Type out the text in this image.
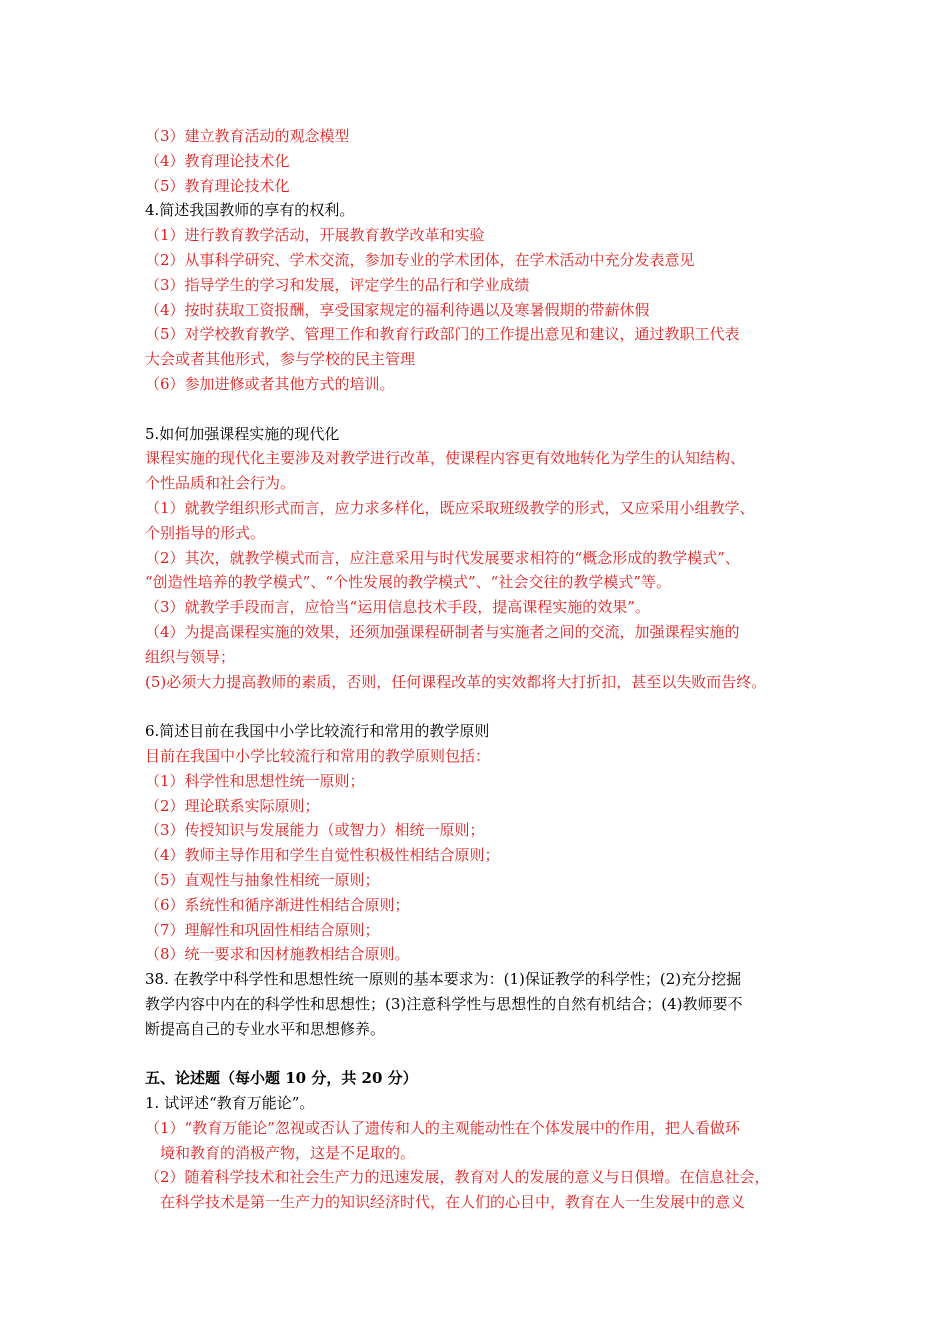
（3）建立教育活动的观念模型
（4）教育理论技术化
（5）教育理论技术化
4.简述我国教师的享有的权利。
（1）进行教育教学活动，开展教育教学改革和实验
（2）从事科学研究、学术交流，参加专业的学术团体，在学术活动中充分发表意见
（3）指导学生的学习和发展，评定学生的品行和学业成绩
（4）按时获取工资报酬，享受国家规定的福利待遇以及寒暑假期的带薪休假
（5）对学校教育教学、管理工作和教育行政部门的工作提出意见和建议，通过教职工代表
大会或者其他形式，参与学校的民主管理
（6）参加进修或者其他方式的培训。
5.如何加强课程实施的现代化
课程实施的现代化主要涉及对教学进行改革，使课程内容更有效地转化为学生的认知结构、
个性品质和社会行为。
（1）就教学组织形式而言，应力求多样化，既应采取班级教学的形式，又应采用小组教学、
个别指导的形式。
（2）其次，就教学模式而言，应注意采用与时代发展要求相符的“概念形成的教学模式”、
“创造性培养的教学模式”、“个性发展的教学模式”、“社会交往的教学模式”等。
（3）就教学手段而言，应恰当“运用信息技术手段，提高课程实施的效果”。
（4）为提高课程实施的效果，还须加强课程研制者与实施者之间的交流，加强课程实施的
组织与领导；
(5)必须大力提高教师的素质，否则，任何课程改革的实效都将大打折扣，甚至以失败而告终。
6.简述目前在我国中小学比较流行和常用的教学原则
目前在我国中小学比较流行和常用的教学原则包括：
（1）科学性和思想性统一原则；
（2）理论联系实际原则；
（3）传授知识与发展能力（或智力）相统一原则；
（4）教师主导作用和学生自觉性积极性相结合原则；
（5）直观性与抽象性相统一原则；
（6）系统性和循序渐进性相结合原则；
（7）理解性和巩固性相结合原则；
（8）统一要求和因材施教相结合原则。
38. 在教学中科学性和思想性统一原则的基本要求为：(1)保证教学的科学性；(2)充分挖掘
教学内容中内在的科学性和思想性；(3)注意科学性与思想性的自然有机结合；(4)教师要不
断提高自己的专业水平和思想修养。
五、论述题（每小题 10 分，共 20 分）
1. 试评述“教育万能论”。
（1）“教育万能论”忽视或否认了遗传和人的主观能动性在个体发展中的作用，把人看做环
境和教育的消极产物，这是不足取的。
（2）随着科学技术和社会生产力的迅速发展，教育对人的发展的意义与日俱增。在信息社会，
在科学技术是第一生产力的知识经济时代，在人们的心目中，教育在人一生发展中的意义
